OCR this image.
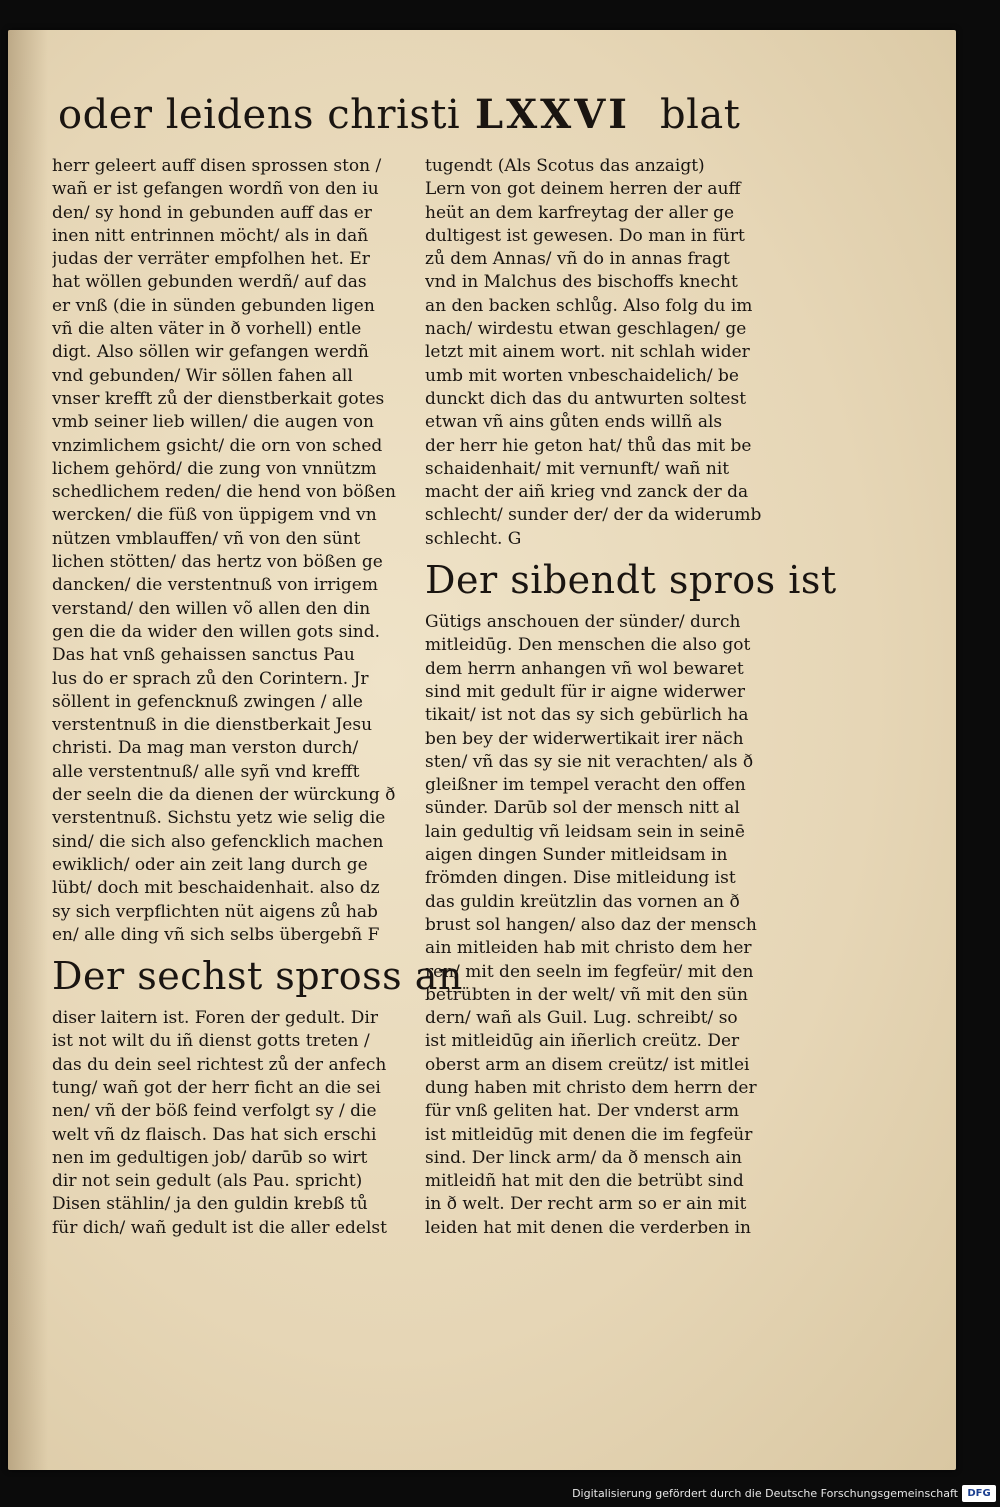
oder leidens christi LXXVI blat
herr geleert auff disen sprossen ston /
wañ er ist gefangen wordñ von den iu
den/ sy hond in gebunden auff das er
inen nitt entrinnen möcht/ als in dañ
judas der verräter empfolhen het. Er
hat wöllen gebunden werdñ/ auf das
er vnß (die in sünden gebunden ligen
vñ die alten väter in ð vorhell) entle
digt. Also söllen wir gefangen werdñ
vnd gebunden/ Wir söllen fahen all
vnser krefft zů der dienstberkait gotes
vmb seiner lieb willen/ die augen von
vnzimlichem gsicht/ die orn von sched
lichem gehörd/ die zung von vnnützm
schedlichem reden/ die hend von bößen
wercken/ die füß von üppigem vnd vn
nützen vmblauffen/ vñ von den sünt
lichen stötten/ das hertz von bößen ge
dancken/ die verstentnuß von irrigem
verstand/ den willen võ allen den din
gen die da wider den willen gots sind.
Das hat vnß gehaissen sanctus Pau
lus do er sprach zů den Corintern. Jr
söllent in gefencknuß zwingen / alle
verstentnuß in die dienstberkait Jesu
christi. Da mag man verston durch/
alle verstentnuß/ alle syñ vnd krefft
der seeln die da dienen der würckung ð
verstentnuß. Sichstu yetz wie selig die
sind/ die sich also gefencklich machen
ewiklich/ oder ain zeit lang durch ge
lübt/ doch mit beschaidenhait. also dz
sy sich verpflichten nüt aigens zů hab
en/ alle ding vñ sich selbs übergebñ F
Der sechst spross an
diser laitern ist. Foren der gedult. Dir
ist not wilt du iñ dienst gotts treten /
das du dein seel richtest zů der anfech
tung/ wañ got der herr ficht an die sei
nen/ vñ der böß feind verfolgt sy / die
welt vñ dz flaisch. Das hat sich erschi
nen im gedultigen job/ darūb so wirt
dir not sein gedult (als Pau. spricht)
Disen stählin/ ja den guldin krebß tů
für dich/ wañ gedult ist die aller edelst
tugendt (Als Scotus das anzaigt)
Lern von got deinem herren der auff
heüt an dem karfreytag der aller ge
dultigest ist gewesen. Do man in fürt
zů dem Annas/ vñ do in annas fragt
vnd in Malchus des bischoffs knecht
an den backen schlůg. Also folg du im
nach/ wirdestu etwan geschlagen/ ge
letzt mit ainem wort. nit schlah wider
umb mit worten vnbeschaidelich/ be
dunckt dich das du antwurten soltest
etwan vñ ains gůten ends willñ als
der herr hie geton hat/ thů das mit be
schaidenhait/ mit vernunft/ wañ nit
macht der aiñ krieg vnd zanck der da
schlecht/ sunder der/ der da widerumb
schlecht. G
Der sibendt spros ist
Gütigs anschouen der sünder/ durch
mitleidūg. Den menschen die also got
dem herrn anhangen vñ wol bewaret
sind mit gedult für ir aigne widerwer
tikait/ ist not das sy sich gebürlich ha
ben bey der widerwertikait irer näch
sten/ vñ das sy sie nit verachten/ als ð
gleißner im tempel veracht den offen
sünder. Darūb sol der mensch nitt al
lain gedultig vñ leidsam sein in seinē
aigen dingen Sunder mitleidsam in
frömden dingen. Dise mitleidung ist
das guldin kreützlin das vornen an ð
brust sol hangen/ also daz der mensch
ain mitleiden hab mit christo dem her
ren/ mit den seeln im fegfeür/ mit den
betrübten in der welt/ vñ mit den sün
dern/ wañ als Guil. Lug. schreibt/ so
ist mitleidūg ain iñerlich creütz. Der
oberst arm an disem creütz/ ist mitlei
dung haben mit christo dem herrn der
für vnß geliten hat. Der vnderst arm
ist mitleidūg mit denen die im fegfeür
sind. Der linck arm/ da ð mensch ain
mitleidñ hat mit den die betrübt sind
in ð welt. Der recht arm so er ain mit
leiden hat mit denen die verderben in
Digitalisierung gefördert durch die Deutsche Forschungsgemeinschaft DFG
